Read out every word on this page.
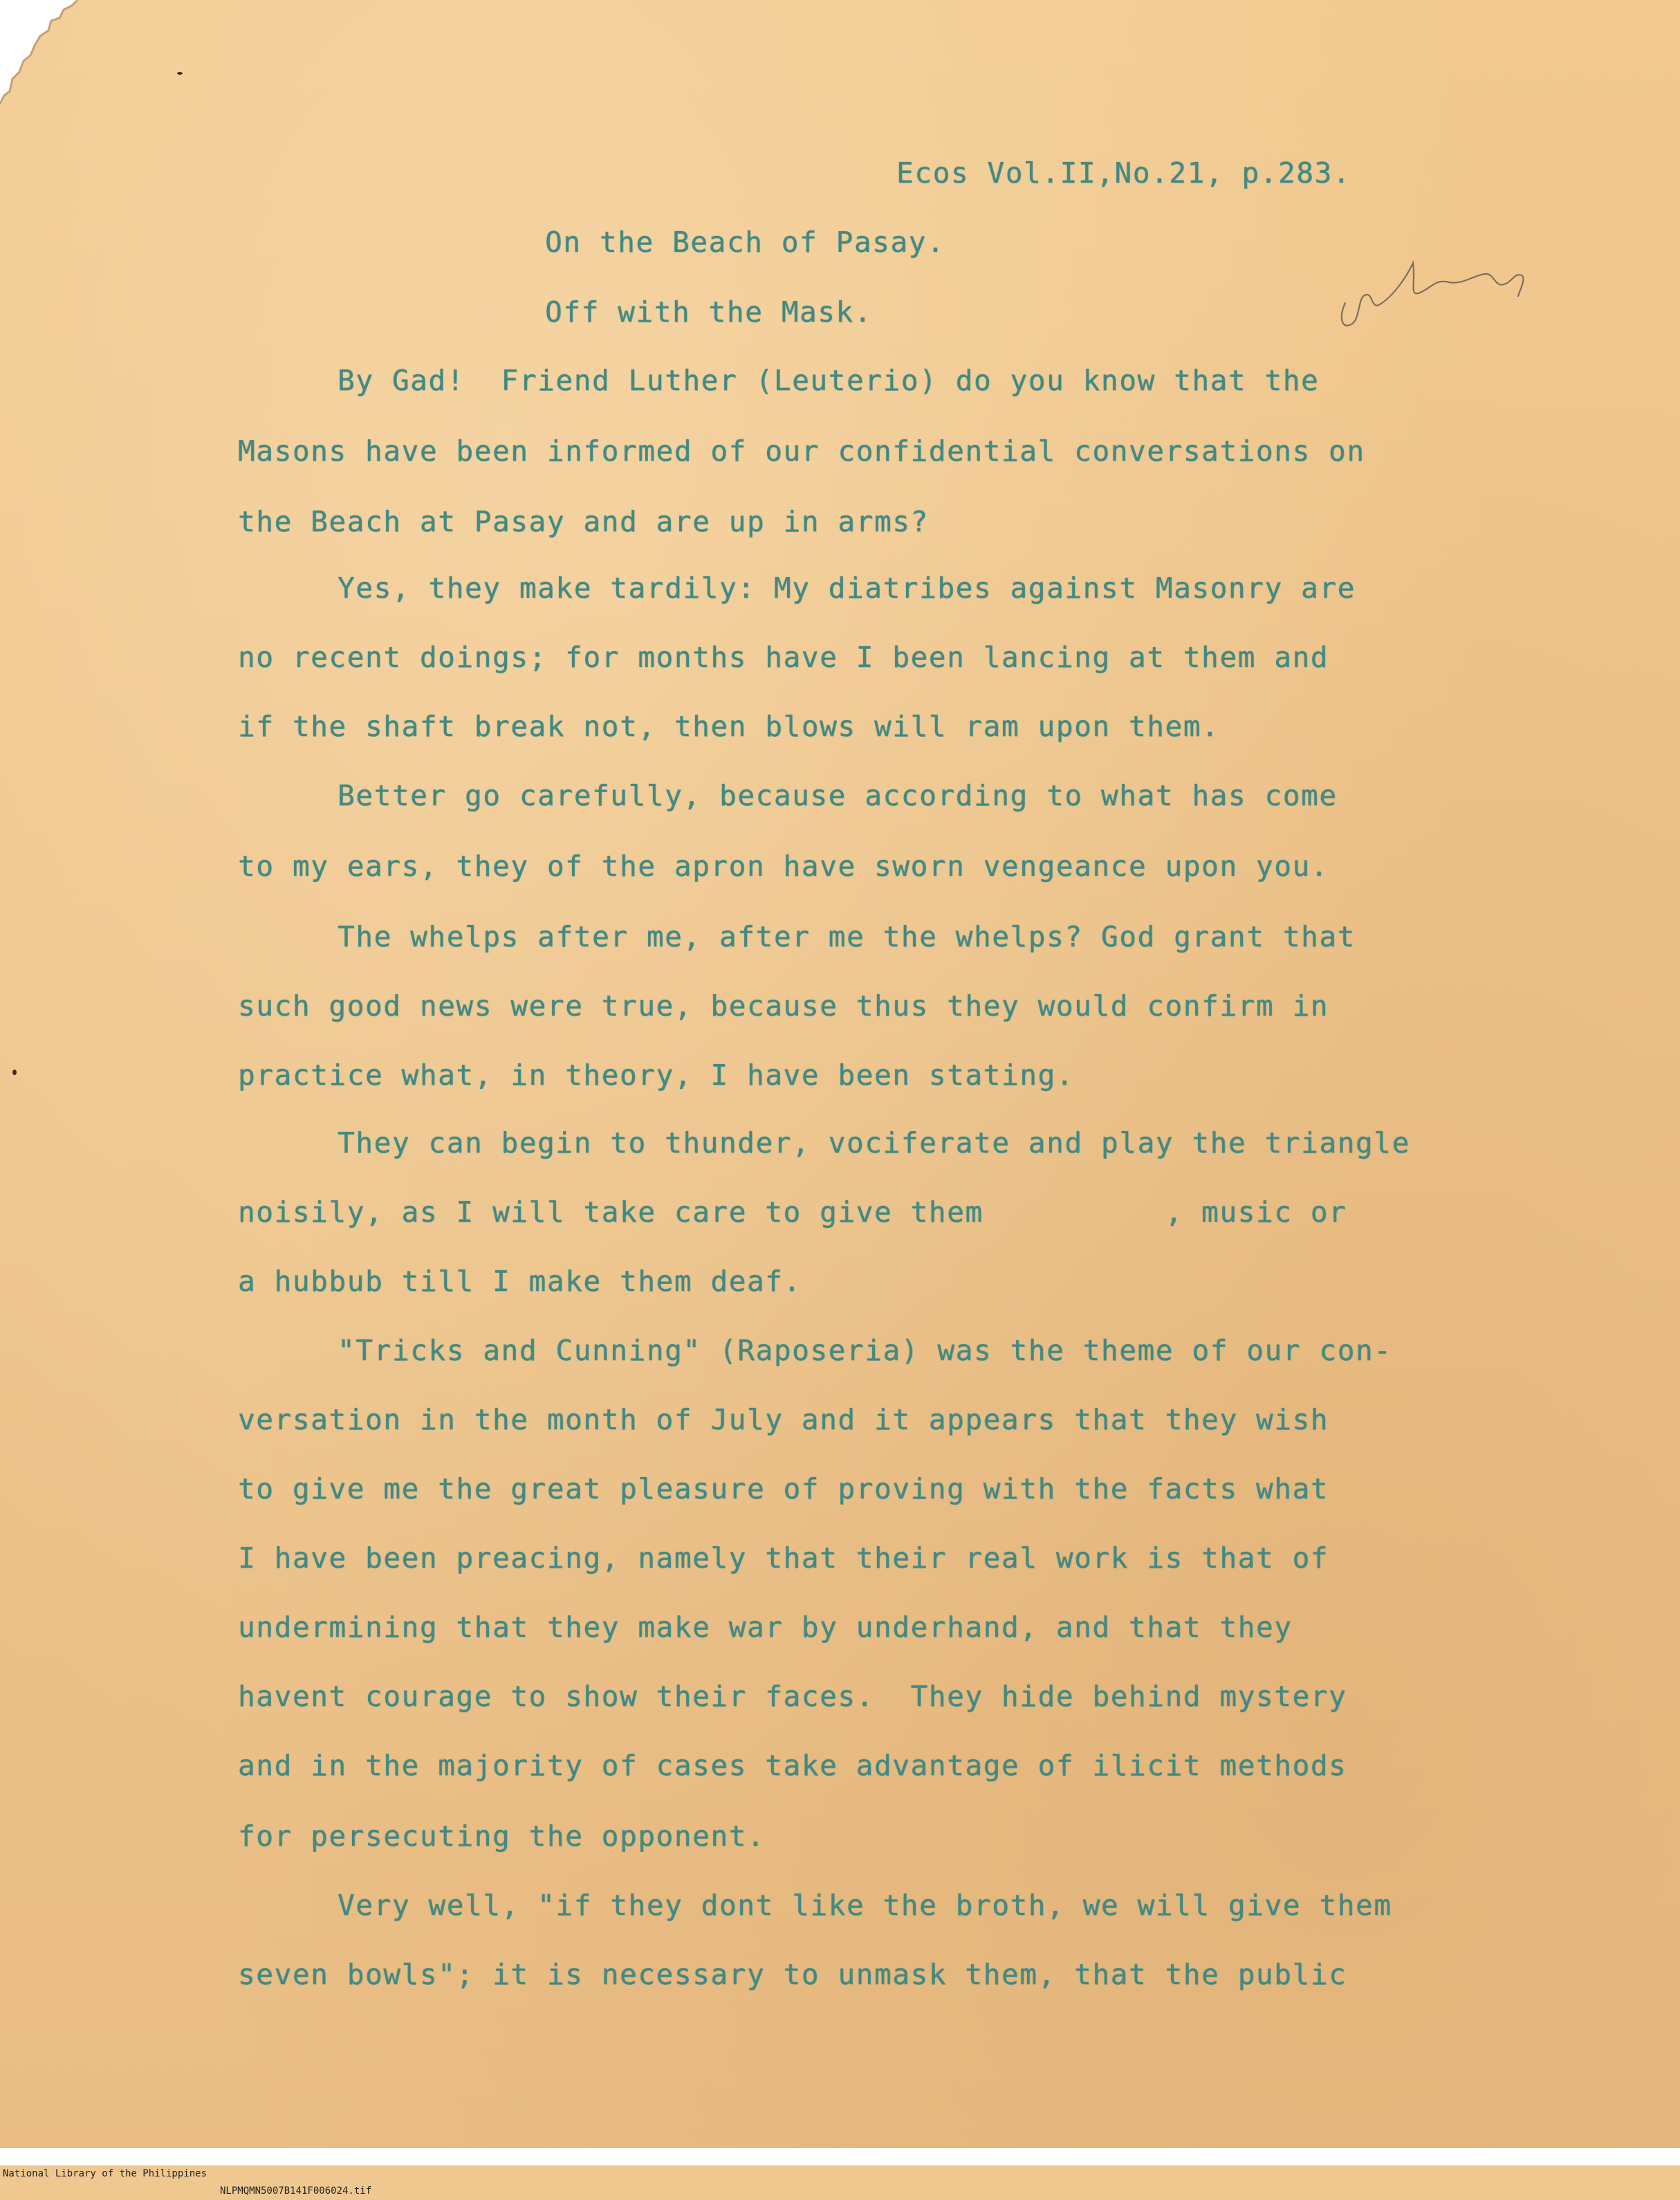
Ecos Vol.II,No.21, p.283.
On the Beach of Pasay.
Off with the Mask.
By Gad!  Friend Luther (Leuterio) do you know that the
Masons have been informed of our confidential conversations on
the Beach at Pasay and are up in arms?
Yes, they make tardily: My diatribes against Masonry are
no recent doings; for months have I been lancing at them and
if the shaft break not, then blows will ram upon them.
Better go carefully, because according to what has come
to my ears, they of the apron have sworn vengeance upon you.
The whelps after me, after me the whelps? God grant that
such good news were true, because thus they would confirm in
practice what, in theory, I have been stating.
They can begin to thunder, vociferate and play the triangle
noisily, as I will take care to give them          , music or
a hubbub till I make them deaf.
"Tricks and Cunning" (Raposeria) was the theme of our con-
versation in the month of July and it appears that they wish
to give me the great pleasure of proving with the facts what
I have been preacing, namely that their real work is that of
undermining that they make war by underhand, and that they
havent courage to show their faces.  They hide behind mystery
and in the majority of cases take advantage of ilicit methods
for persecuting the opponent.
Very well, "if they dont like the broth, we will give them
seven bowls"; it is necessary to unmask them, that the public

National Library of the Philippines

NLPMQMN5007B141F006024.tif
